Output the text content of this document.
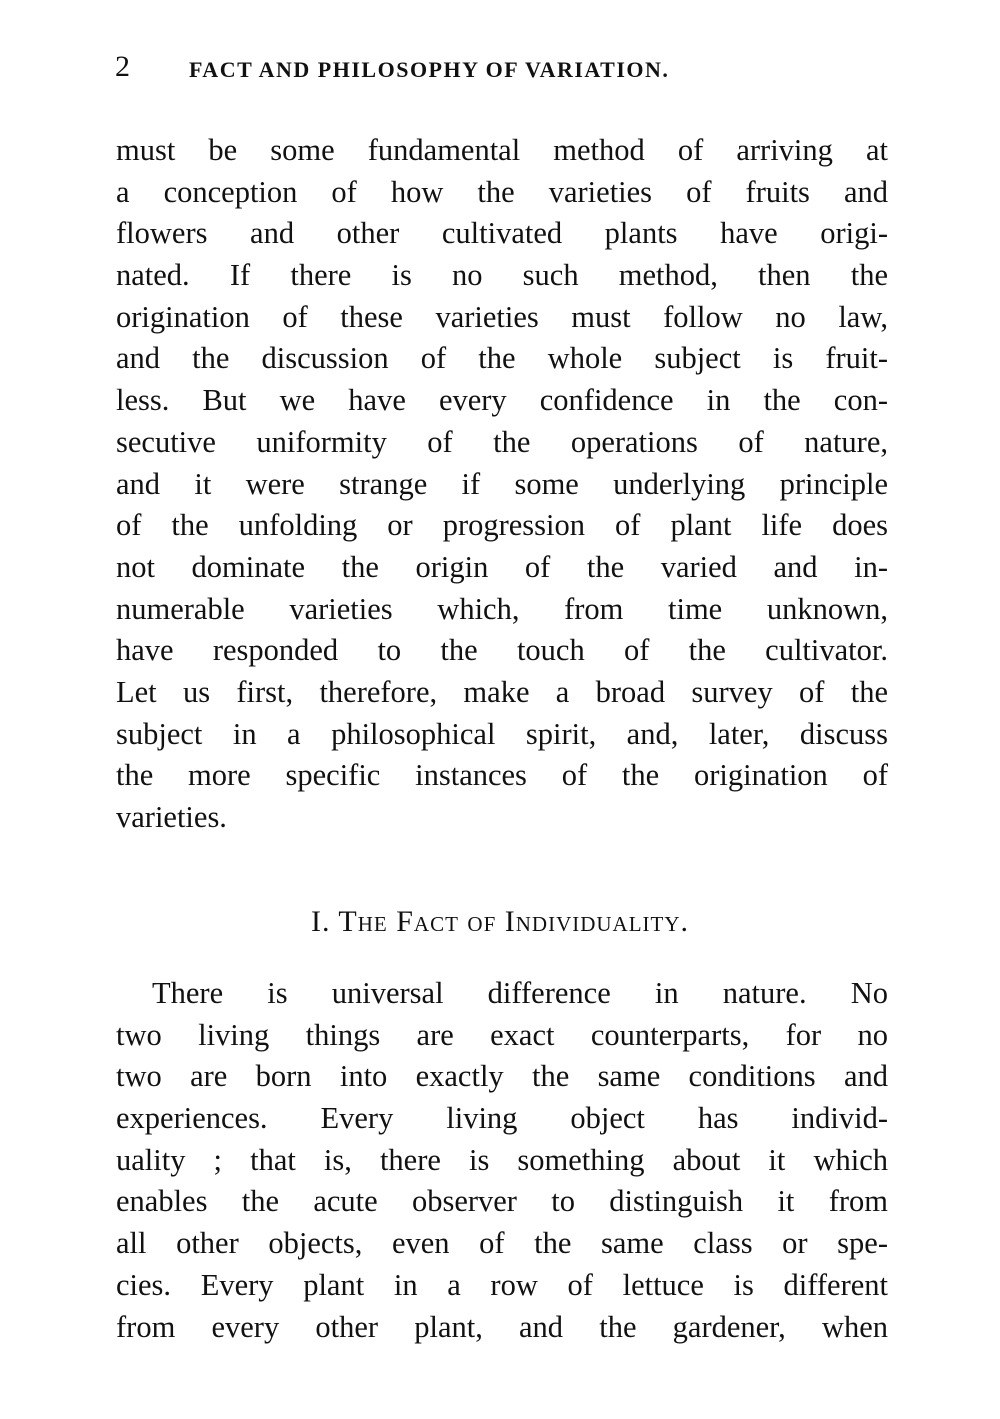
2	FACT AND PHILOSOPHY OF VARIATION.
must be some fundamental method of arriving at
a conception of how the varieties of fruits and
flowers and other cultivated plants have origi-
nated. If there is no such method, then the
origination of these varieties must follow no law,
and the discussion of the whole subject is fruit-
less. But we have every confidence in the con-
secutive uniformity of the operations of nature,
and it were strange if some underlying principle
of the unfolding or progression of plant life does
not dominate the origin of the varied and in-
numerable varieties which, from time unknown,
have responded to the touch of the cultivator.
Let us first, therefore, make a broad survey of the
subject in a philosophical spirit, and, later, discuss
the more specific instances of the origination of
varieties.
I. The Fact of Individuality.
There is universal difference in nature. No
two living things are exact counterparts, for no
two are born into exactly the same conditions and
experiences. Every living object has individ-
uality ; that is, there is something about it which
enables the acute observer to distinguish it from
all other objects, even of the same class or spe-
cies. Every plant in a row of lettuce is different
from every other plant, and the gardener, when
